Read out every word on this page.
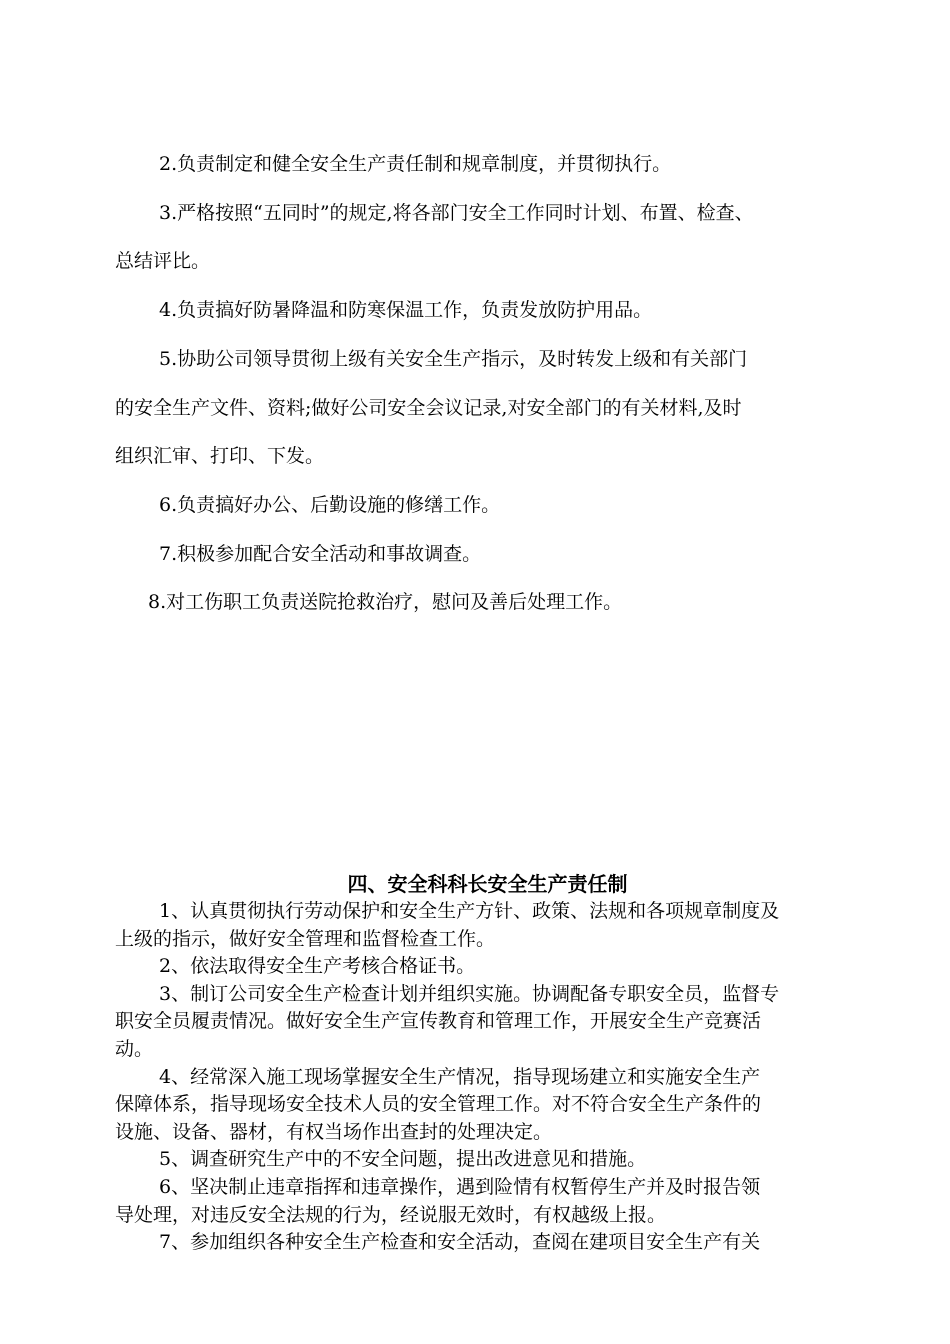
2.负责制定和健全安全生产责任制和规章制度，并贯彻执行。

3.严格按照“五同时”的规定,将各部门安全工作同时计划、布置、检查、

总结评比。

4.负责搞好防暑降温和防寒保温工作，负责发放防护用品。

5.协助公司领导贯彻上级有关安全生产指示，及时转发上级和有关部门

的安全生产文件、资料;做好公司安全会议记录,对安全部门的有关材料,及时

组织汇审、打印、下发。

6.负责搞好办公、后勤设施的修缮工作。

7.积极参加配合安全活动和事故调查。

8.对工伤职工负责送院抢救治疗，慰问及善后处理工作。

四、安全科科长安全生产责任制

1、认真贯彻执行劳动保护和安全生产方针、政策、法规和各项规章制度及

上级的指示，做好安全管理和监督检查工作。

2、依法取得安全生产考核合格证书。

3、制订公司安全生产检查计划并组织实施。协调配备专职安全员，监督专

职安全员履责情况。做好安全生产宣传教育和管理工作，开展安全生产竞赛活

动。

4、经常深入施工现场掌握安全生产情况，指导现场建立和实施安全生产

保障体系，指导现场安全技术人员的安全管理工作。对不符合安全生产条件的

设施、设备、器材，有权当场作出查封的处理决定。

5、调查研究生产中的不安全问题，提出改进意见和措施。

6、坚决制止违章指挥和违章操作，遇到险情有权暂停生产并及时报告领

导处理，对违反安全法规的行为，经说服无效时，有权越级上报。

7、参加组织各种安全生产检查和安全活动，查阅在建项目安全生产有关
